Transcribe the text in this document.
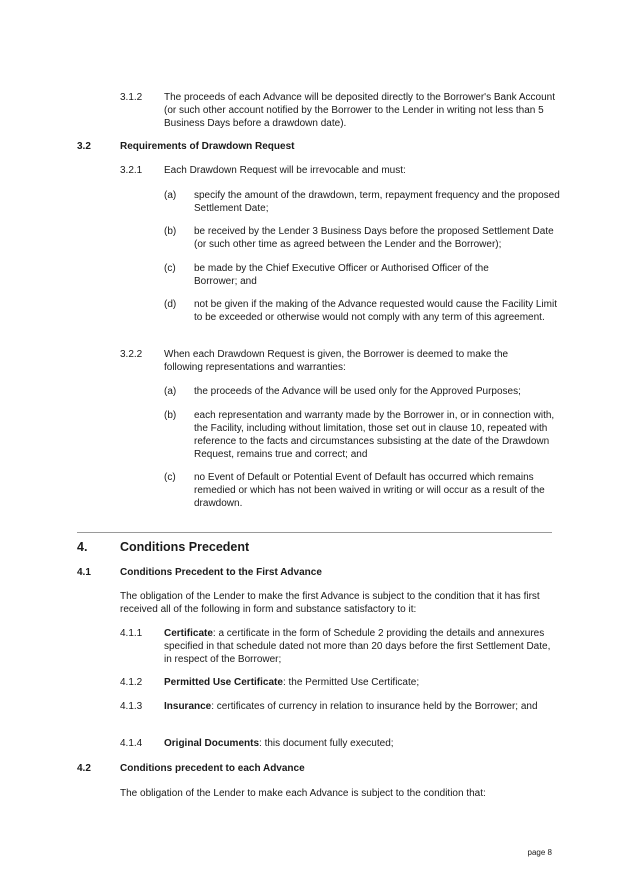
3.1.2 The proceeds of each Advance will be deposited directly to the Borrower's Bank Account (or such other account notified by the Borrower to the Lender in writing not less than 5 Business Days before a drawdown date).
3.2	Requirements of Drawdown Request
3.2.1 Each Drawdown Request will be irrevocable and must:
(a) specify the amount of the drawdown, term, repayment frequency and the proposed Settlement Date;
(b) be received by the Lender 3 Business Days before the proposed Settlement Date (or such other time as agreed between the Lender and the Borrower);
(c) be made by the Chief Executive Officer or Authorised Officer of the Borrower; and
(d) not be given if the making of the Advance requested would cause the Facility Limit to be exceeded or otherwise would not comply with any term of this agreement.
3.2.2 When each Drawdown Request is given, the Borrower is deemed to make the following representations and warranties:
(a) the proceeds of the Advance will be used only for the Approved Purposes;
(b) each representation and warranty made by the Borrower in, or in connection with, the Facility, including without limitation, those set out in clause 10, repeated with reference to the facts and circumstances subsisting at the date of the Drawdown Request, remains true and correct; and
(c) no Event of Default or Potential Event of Default has occurred which remains remedied or which has not been waived in writing or will occur as a result of the drawdown.
4.	Conditions Precedent
4.1	Conditions Precedent to the First Advance
The obligation of the Lender to make the first Advance is subject to the condition that it has first received all of the following in form and substance satisfactory to it:
4.1.1 Certificate: a certificate in the form of Schedule 2 providing the details and annexures specified in that schedule dated not more than 20 days before the first Settlement Date, in respect of the Borrower;
4.1.2 Permitted Use Certificate: the Permitted Use Certificate;
4.1.3 Insurance: certificates of currency in relation to insurance held by the Borrower; and
4.1.4 Original Documents: this document fully executed;
4.2	Conditions precedent to each Advance
The obligation of the Lender to make each Advance is subject to the condition that:
page 8
